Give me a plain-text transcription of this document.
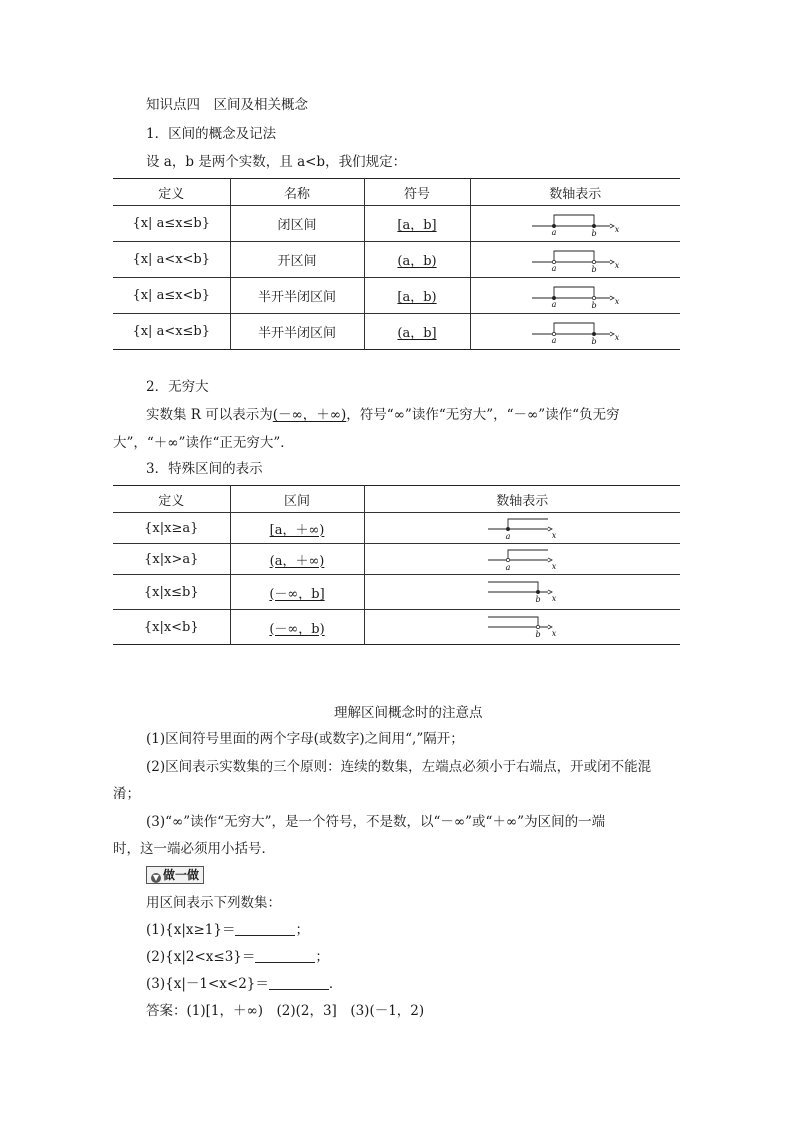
知识点四　区间及相关概念
1．区间的概念及记法
设 a，b 是两个实数，且 a<b，我们规定：
定义	名称	符号	数轴表示
{x| a≤x≤b}	闭区间	[a，b]	a b x

{x| a<x<b}	开区间	(a，b)	a b x

{x| a≤x<b}	半开半闭区间	[a，b)	a b x

{x| a<x≤b}	半开半闭区间	(a，b]	a b x
2．无穷大
实数集 R 可以表示为(－∞，＋∞)，符号“∞”读作“无穷大”，“－∞”读作“负无穷
大”，“＋∞”读作“正无穷大”．
3．特殊区间的表示
定义	区间	数轴表示
{x|x≥a}	[a，＋∞)	a x

{x|x>a}	(a，＋∞)	a x

{x|x≤b}	(－∞，b]	b x

{x|x<b}	(－∞，b)	b x
理解区间概念时的注意点
(1)区间符号里面的两个字母(或数字)之间用“,”隔开；
(2)区间表示实数集的三个原则：连续的数集，左端点必须小于右端点，开或闭不能混
淆；
(3)“∞”读作“无穷大”，是一个符号，不是数，以“－∞”或“＋∞”为区间的一端
时，这一端必须用小括号．
▼ 做一做
用区间表示下列数集：
(1){x|x≥1}＝	；
(2){x|2<x≤3}＝	；
(3){x|－1<x<2}＝	．
答案：(1)[1，＋∞)　(2)(2，3]　(3)(－1，2)
